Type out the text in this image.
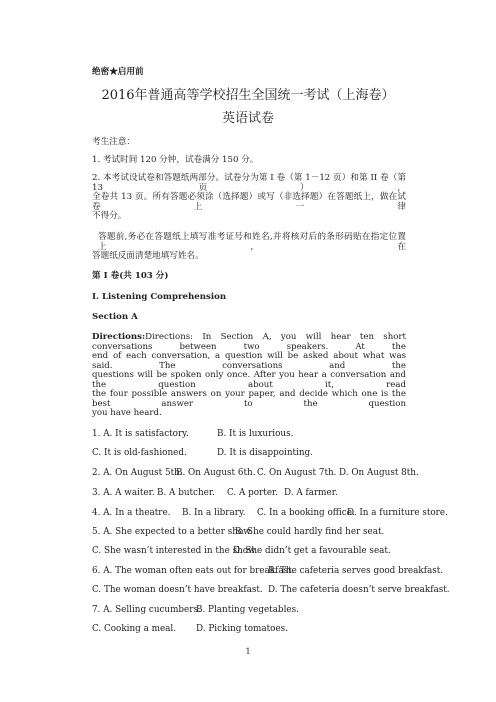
绝密★启用前
2016年普通高等学校招生全国统一考试（上海卷）
英语试卷
考生注意：
1. 考试时间 120 分钟，试卷满分 150 分。
2. 本考试设试卷和答题纸两部分。试卷分为第 I 卷（第 1－12 页）和第 II 卷（第 13 页），
全卷共 13 页。所有答题必须涂（选择题）或写（非选择题）在答题纸上，做在试卷上一律
不得分。
答题前,务必在答题纸上填写准考证号和姓名,并将核对后的条形码贴在指定位置上,在
答题纸反面清楚地填写姓名。
第 I 卷(共 103 分)
I. Listening Comprehension
Section A
Directions:Directions: In Section A, you will hear ten short conversations between two speakers. At the
end of each conversation, a question will be asked about what was said. The conversations and the
questions will be spoken only once. After you hear a conversation and the question about it, read
the four possible answers on your paper, and decide which one is the best answer to the question
you have heard.
1. A. It is satisfactory.	B. It is luxurious.
C. It is old-fashioned.	D. It is disappointing.
2. A. On August 5th.
B. On August 6th. C. On August 7th. D. On August 8th.
3. A. A waiter. B. A butcher. C. A porter. D. A farmer.
4. A. In a theatre. B. In a library. C. In a booking office.
D. In a furniture store.
5. A. She expected to a better show.
B. She could hardly find her seat.
C. She wasn’t interested in the show.
D. She didn’t get a favourable seat.
6. A. The woman often eats out for breakfast.
B. The cafeteria serves good breakfast.
C. The woman doesn’t have breakfast. D. The cafeteria doesn’t serve breakfast.
7. A. Selling cucumbers.
B. Planting vegetables.
C. Cooking a meal. D. Picking tomatoes.
1
